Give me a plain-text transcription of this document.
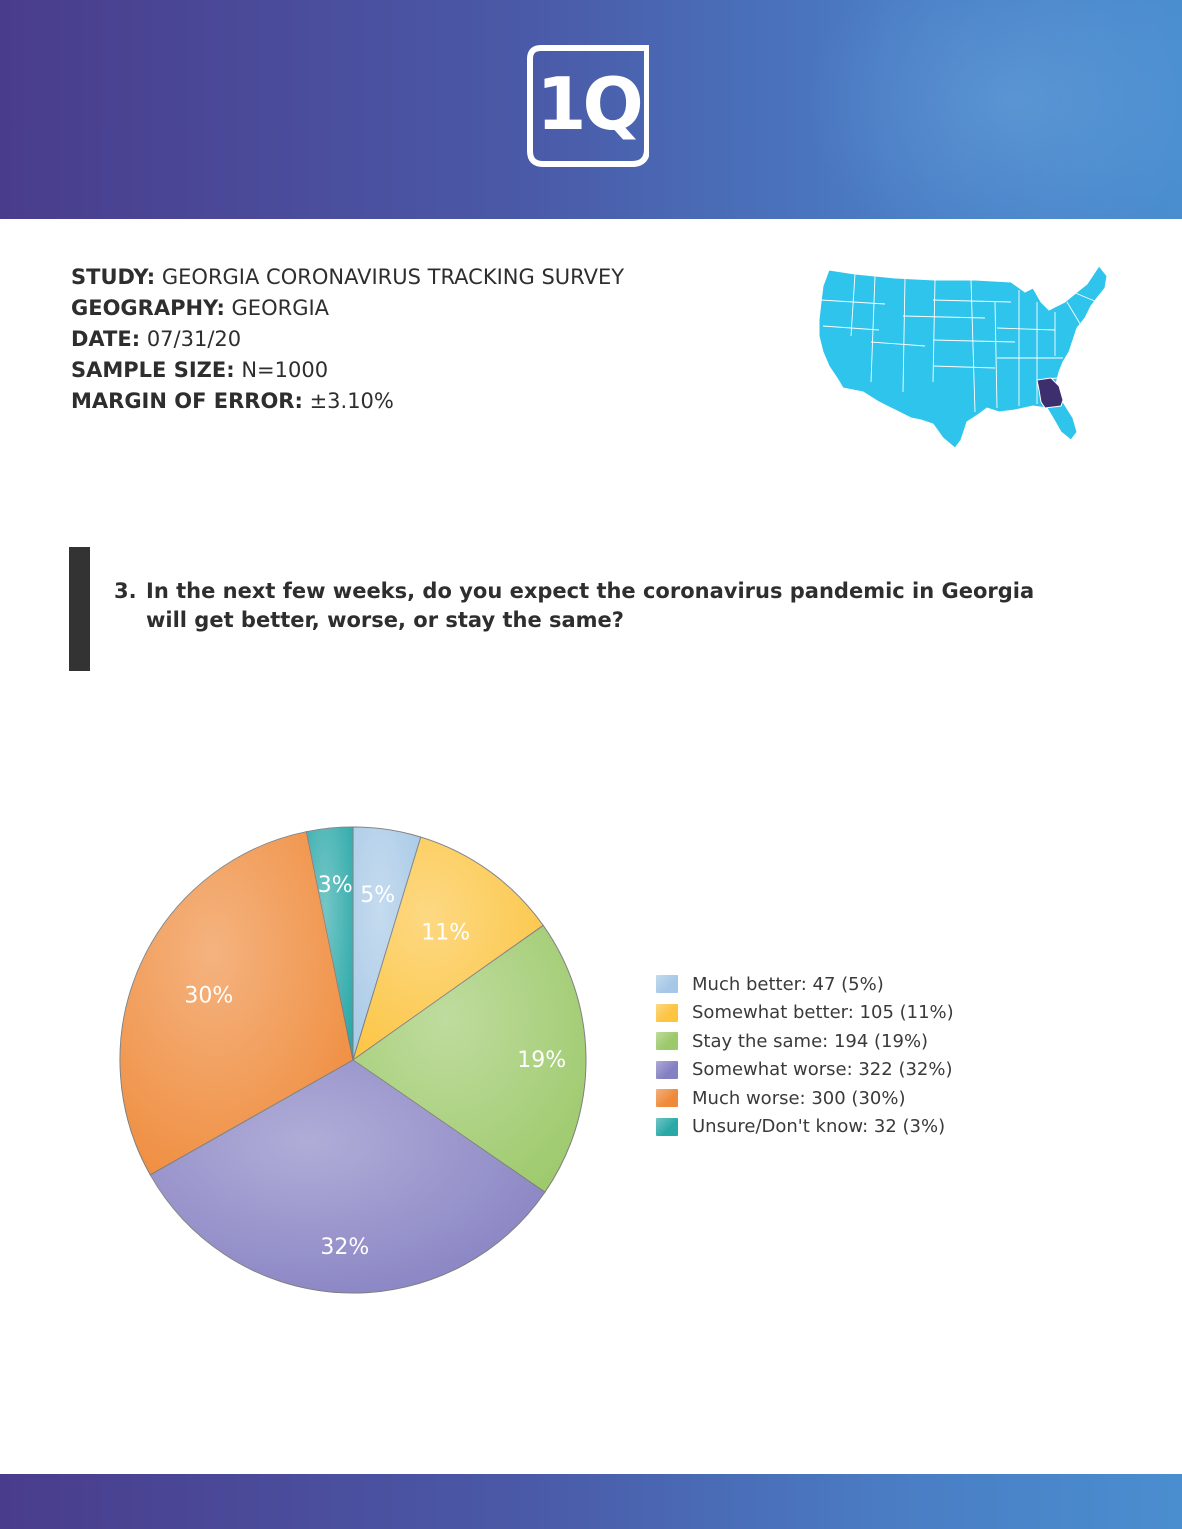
1Q
STUDY: GEORGIA CORONAVIRUS TRACKING SURVEY
GEOGRAPHY: GEORGIA
DATE: 07/31/20
SAMPLE SIZE: N=1000
MARGIN OF ERROR: ±3.10%
3. In the next few weeks, do you expect the coronavirus pandemic in Georgia
will get better, worse, or stay the same?
5%
11%
19%
32%
30%
3%
Much better: 47 (5%)
Somewhat better: 105 (11%)
Stay the same: 194 (19%)
Somewhat worse: 322 (32%)
Much worse: 300 (30%)
Unsure/Don't know: 32 (3%)
